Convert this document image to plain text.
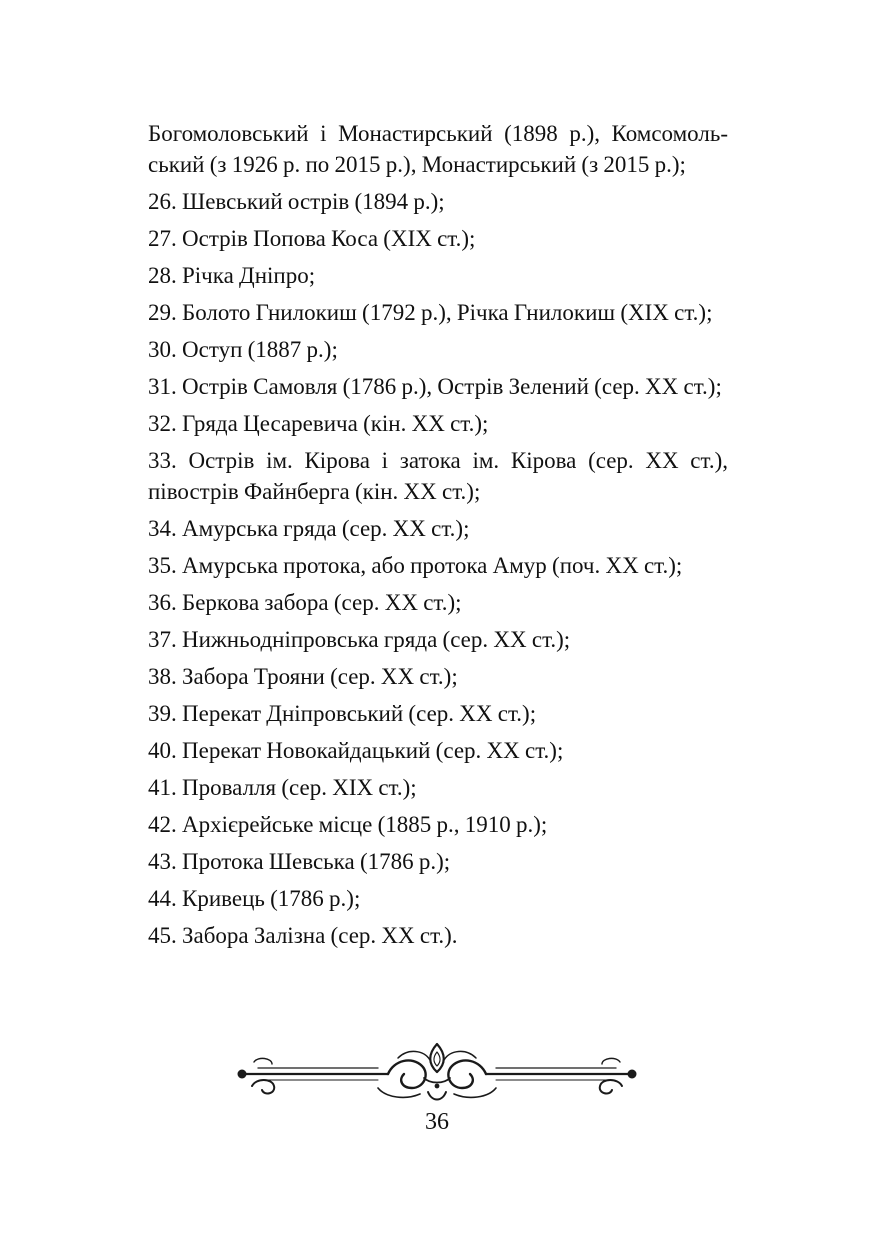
Богомоловський і Монастирський (1898 р.), Комсомоль-ський (з 1926 р. по 2015 р.), Монастирський (з 2015 р.);

26. Шевський острів (1894 р.);

27. Острів Попова Коса (XIX ст.);

28. Річка Дніпро;

29. Болото Гнилокиш (1792 р.), Річка Гнилокиш (XIX ст.);

30. Оступ (1887 р.);

31. Острів Самовля (1786 р.), Острів Зелений (сер. XX ст.);

32. Гряда Цесаревича (кін. XX ст.);

33. Острів ім. Кірова і затока ім. Кірова (сер. XX ст.), півострів Файнберга (кін. XX ст.);

34. Амурська гряда (сер. XX ст.);

35. Амурська протока, або протока Амур (поч. XX ст.);

36. Беркова забора (сер. XX ст.);

37. Нижньодніпровська гряда (сер. XX ст.);

38. Забора Трояни (сер. XX ст.);

39. Перекат Дніпровський (сер. XX ст.);

40. Перекат Новокайдацький (сер. XX ст.);

41. Провалля (сер. XIX ст.);

42. Архієрейське місце (1885 р., 1910 р.);

43. Протока Шевська (1786 р.);

44. Кривець (1786 р.);

45. Забора Залізна (сер. XX ст.).

36
